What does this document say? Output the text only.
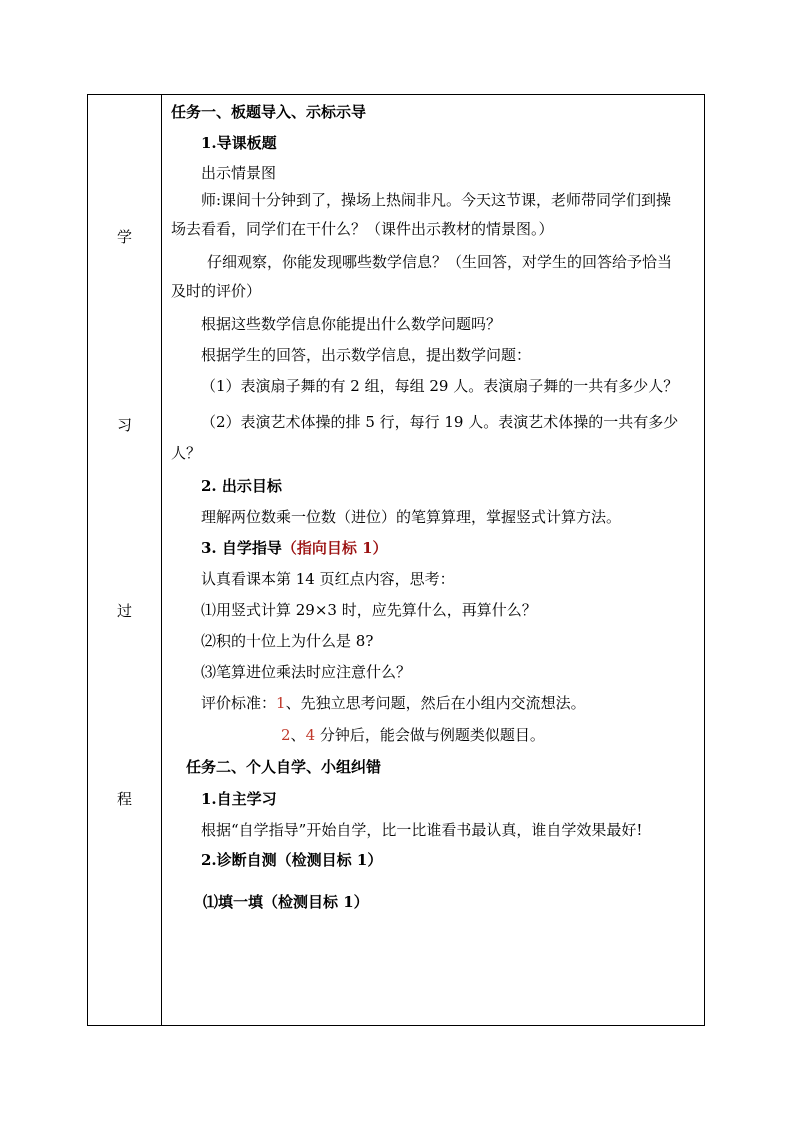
学
习
过
程
任务一、板题导入、示标示导
1.导课板题
出示情景图
师:课间十分钟到了，操场上热闹非凡。今天这节课，老师带同学们到操
场去看看，同学们在干什么？（课件出示教材的情景图。）
仔细观察，你能发现哪些数学信息？（生回答，对学生的回答给予恰当
及时的评价）
根据这些数学信息你能提出什么数学问题吗？
根据学生的回答，出示数学信息，提出数学问题：
（1）表演扇子舞的有 2 组，每组 29 人。表演扇子舞的一共有多少人？
（2）表演艺术体操的排 5 行，每行 19 人。表演艺术体操的一共有多少
人？
2. 出示目标
理解两位数乘一位数（进位）的笔算算理，掌握竖式计算方法。
3. 自学指导（指向目标 1）
认真看课本第 14 页红点内容，思考：
⑴用竖式计算 29×3 时，应先算什么，再算什么？
⑵积的十位上为什么是 8?
⑶笔算进位乘法时应注意什么？
评价标准：1、先独立思考问题，然后在小组内交流想法。
2、4 分钟后，能会做与例题类似题目。
任务二、个人自学、小组纠错
1.自主学习
根据“自学指导”开始自学，比一比谁看书最认真，谁自学效果最好!
2.诊断自测（检测目标 1）
⑴填一填（检测目标 1）
